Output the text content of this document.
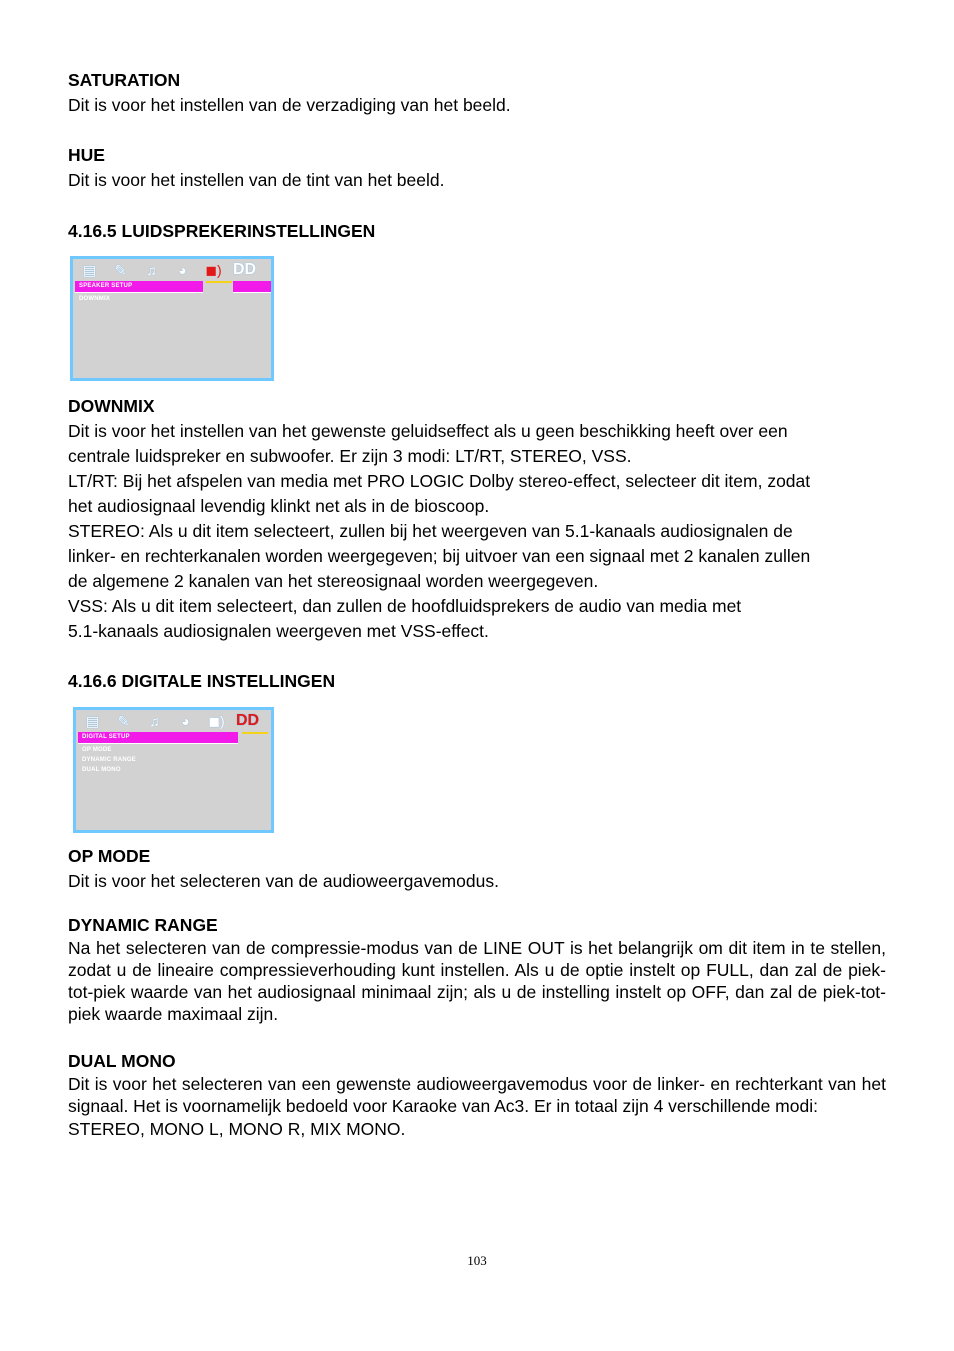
SATURATION

Dit is voor het instellen van de verzadiging van het beeld.

HUE

Dit is voor het instellen van de tint van het beeld.

4.16.5 LUIDSPREKERINSTELLINGEN

▤	✎	♫	◕	◼) DD
SPEAKER SETUP
DOWNMIX

DOWNMIX

Dit is voor het instellen van het gewenste geluidseffect als u geen beschikking heeft over een

centrale luidspreker en subwoofer. Er zijn 3 modi: LT/RT, STEREO, VSS.

LT/RT: Bij het afspelen van media met PRO LOGIC Dolby stereo-effect, selecteer dit item, zodat

het audiosignaal levendig klinkt net als in de bioscoop.

STEREO: Als u dit item selecteert, zullen bij het weergeven van 5.1-kanaals audiosignalen de

linker- en rechterkanalen worden weergegeven; bij uitvoer van een signaal met 2 kanalen zullen

de algemene 2 kanalen van het stereosignaal worden weergegeven.

VSS: Als u dit item selecteert, dan zullen de hoofdluidsprekers de audio van media met

5.1-kanaals audiosignalen weergeven met VSS-effect.

4.16.6 DIGITALE INSTELLINGEN

▤	✎	♫	◕	◼) DD
DIGITAL SETUP
OP MODE
DYNAMIC RANGE
DUAL MONO

OP MODE

Dit is voor het selecteren van de audioweergavemodus.

DYNAMIC RANGE

Na het selecteren van de compressie-modus van de LINE OUT is het belangrijk om dit item in te stellen, zodat u de lineaire compressieverhouding kunt instellen. Als u de optie instelt op FULL, dan zal de piek-tot-piek waarde van het audiosignaal minimaal zijn; als u de instelling instelt op OFF, dan zal de piek-tot-piek waarde maximaal zijn.

DUAL MONO

Dit is voor het selecteren van een gewenste audioweergavemodus voor de linker- en rechterkant van het signaal. Het is voornamelijk bedoeld voor Karaoke van Ac3. Er in totaal zijn 4 verschillende modi:

STEREO, MONO L, MONO R, MIX MONO.

103
